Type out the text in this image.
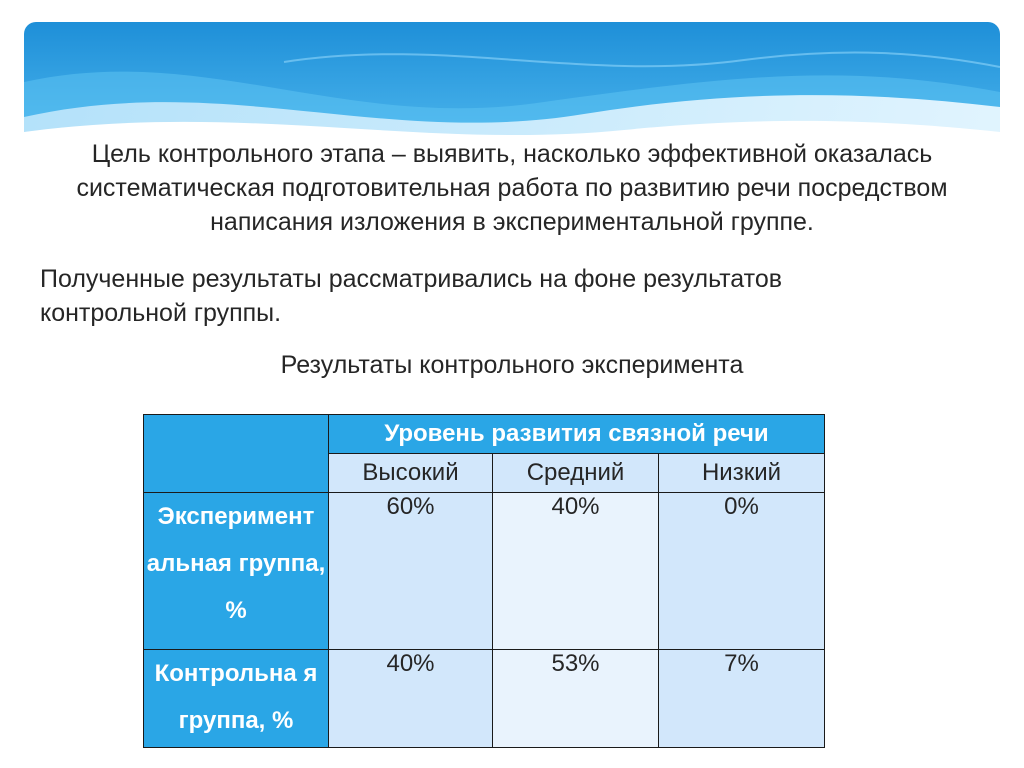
Цель контрольного этапа – выявить, насколько эффективной оказалась систематическая подготовительная работа по развитию речи посредством написания изложения в экспериментальной группе.

Полученные результаты рассматривались на фоне результатов контрольной группы.

Результаты контрольного эксперимента

	Уровень развития связной речи		
	Высокий	Средний	Низкий
Эксперимент альная группа, %	60%	40%	0%
Контрольна я группа, %	40%	53%	7%
